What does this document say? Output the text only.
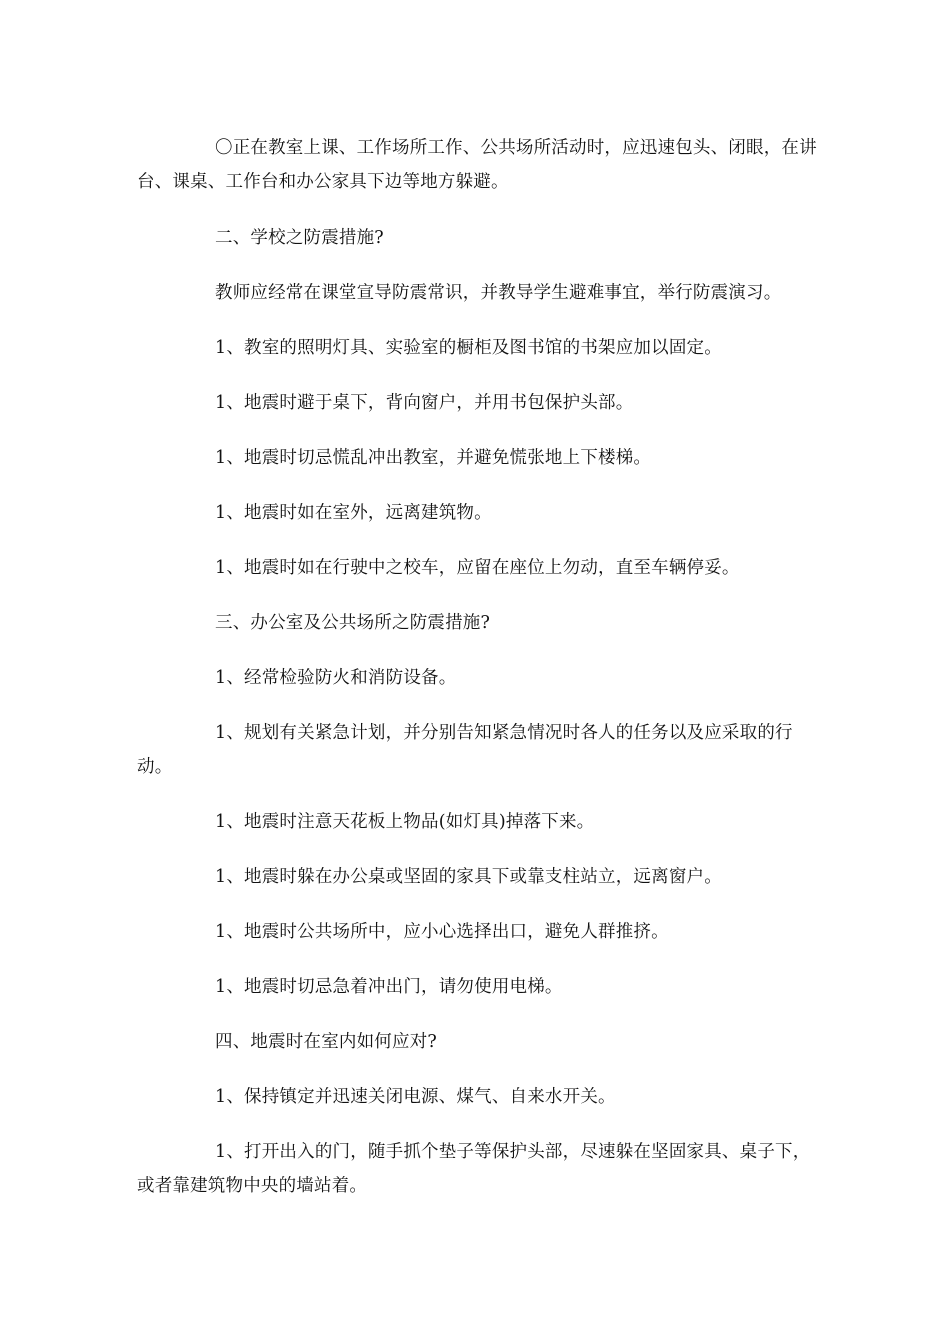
〇正在教室上课、工作场所工作、公共场所活动时，应迅速包头、闭眼，在讲台、课桌、工作台和办公家具下边等地方躲避。

二、学校之防震措施?

教师应经常在课堂宣导防震常识，并教导学生避难事宜，举行防震演习。

1、教室的照明灯具、实验室的橱柜及图书馆的书架应加以固定。

1、地震时避于桌下，背向窗户，并用书包保护头部。

1、地震时切忌慌乱冲出教室，并避免慌张地上下楼梯。

1、地震时如在室外，远离建筑物。

1、地震时如在行驶中之校车，应留在座位上勿动，直至车辆停妥。

三、办公室及公共场所之防震措施?

1、经常检验防火和消防设备。

1、规划有关紧急计划，并分别告知紧急情况时各人的任务以及应采取的行动。

1、地震时注意天花板上物品(如灯具)掉落下来。

1、地震时躲在办公桌或坚固的家具下或靠支柱站立，远离窗户。

1、地震时公共场所中，应小心选择出口，避免人群推挤。

1、地震时切忌急着冲出门，请勿使用电梯。

四、地震时在室内如何应对?

1、保持镇定并迅速关闭电源、煤气、自来水开关。

1、打开出入的门，随手抓个垫子等保护头部，尽速躲在坚固家具、桌子下，或者靠建筑物中央的墙站着。
